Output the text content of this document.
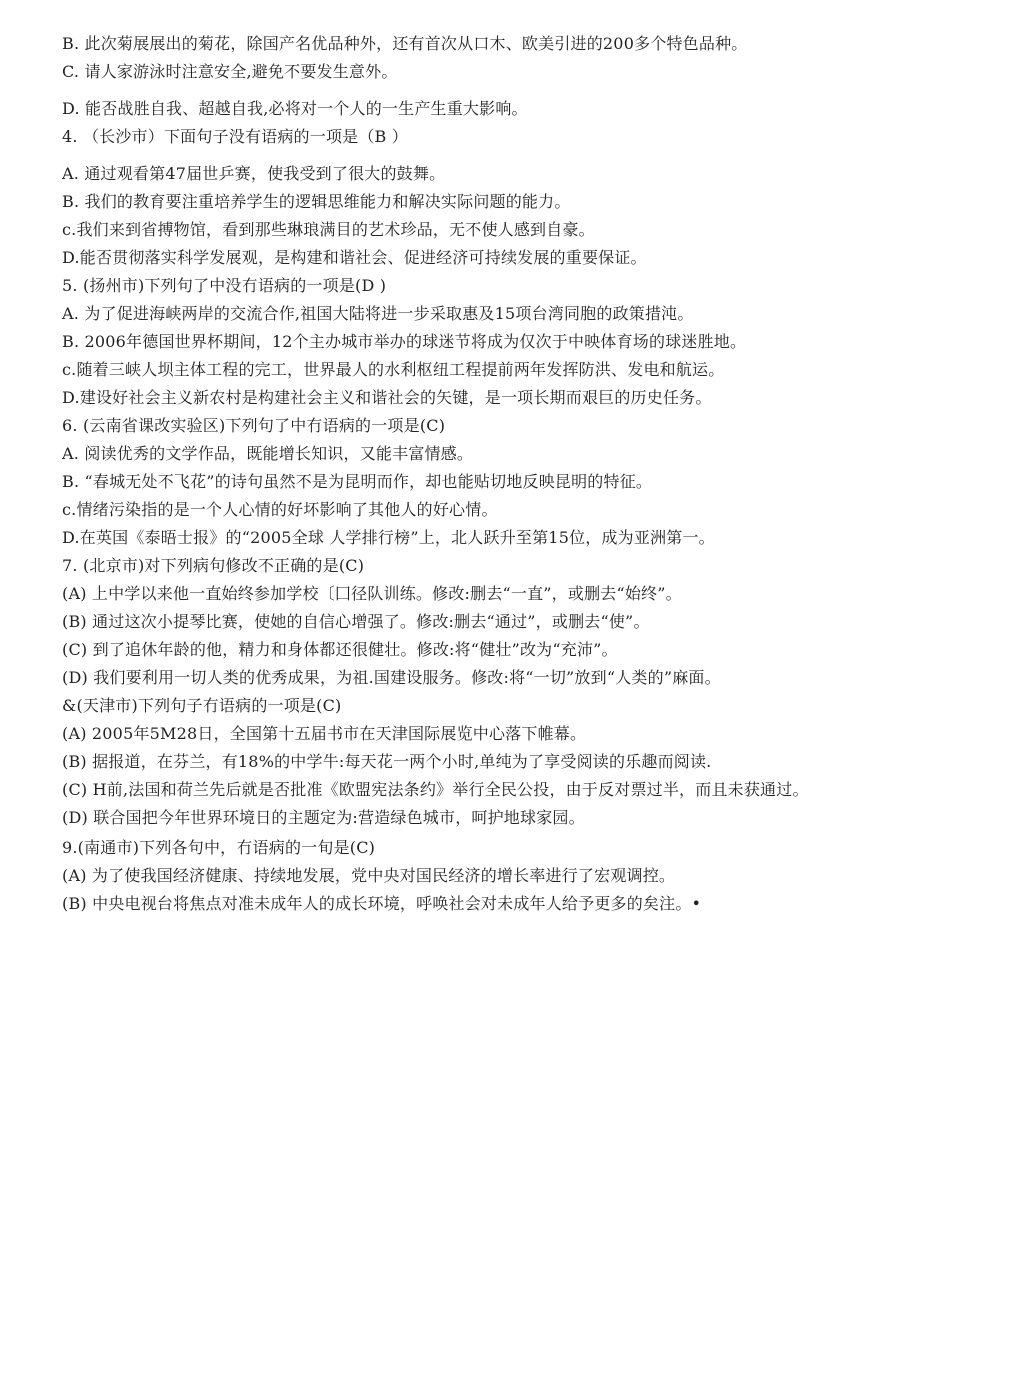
B. 此次菊展展出的菊花，除国产名优品种外，还有首次从口木、欧美引进的200多个特色品种。
C. 请人家游泳时注意安全,避免不要发生意外。
D. 能否战胜自我、超越自我,必将对一个人的一生产生重大影响。
4. （长沙市）下面句子没有语病的一项是（B ）
A. 通过观看第47届世乒赛，使我受到了很大的鼓舞。
B. 我们的教育要注重培养学生的逻辑思维能力和解决实际问题的能力。
c.我们来到省搏物馆，看到那些琳琅满目的艺术珍品，无不使人感到自豪。
D.能否贯彻落实科学发展观，是构建和谐社会、促进经济可持续发展的重要保证。
5. (扬州市)下列句了中没冇语病的一项是(D )
A. 为了促进海峡两岸的交流合作,祖国大陆将进一步采取惠及15项台湾同胞的政策措沌。
B. 2006年德国世界杯期间，12个主办城市举办的球迷节将成为仅次于中映体育场的球迷胜地。
c.随着三峡人坝主体工程的完工，世界最人的水利枢纽工程提前两年发挥防洪、发电和航运。
D.建设好社会主义新农村是构建社会主义和谐社会的矢键，是一项长期而艰巨的历史任务。
6. (云南省课改实验区)下列句了中冇语病的一项是(C)
A. 阅读优秀的文学作品，既能增长知识，又能丰富情感。
B. “春城无处不飞花”的诗句虽然不是为昆明而作，却也能贴切地反映昆明的特征。
c.情绪污染指的是一个人心情的好坏影响了其他人的好心情。
D.在英国《泰晤士报》的“2005全球 人学排行榜”上，北人跃升至第15位，成为亚洲第一。
7. (北京市)对下列病句修改不正确的是(C)
(A) 上中学以来他一直始终参加学校〔囗径队训练。修改:删去“一直”，或删去“始终”。
(B) 通过这次小提琴比赛，使她的自信心增强了。修改:删去“通过”，或删去“使”。
(C) 到了追休年龄的他，精力和身体都还很健壮。修改:将“健壮”改为“充沛”。
(D) 我们要利用一切人类的优秀成果，为祖.国建设服务。修改:将“一切”放到“人类的”麻面。
&(天津市)下列句子冇语病的一项是(C)
(A) 2005年5M28日，全国第十五届书市在天津国际展览中心落下帷幕。
(B) 据报道，在芬兰，有18%的中学牛:每天花一两个小时,单纯为了享受阅读的乐趣而阅读.
(C) H前,法国和荷兰先后就是否批准《欧盟宪法条约》举行全民公投，由于反对票过半，而且未获通过。
(D) 联合国把今年世界环境日的主题定为:营造绿色城市，呵护地球家园。
9.(南通市)下列各句中，冇语病的一旬是(C)
(A) 为了使我国经济健康、持续地发展，党中央对国民经济的增长率进行了宏观调控。
(B) 中央电视台将焦点对准未成年人的成长环境，呼唤社会对未成年人给予更多的矣注。•
